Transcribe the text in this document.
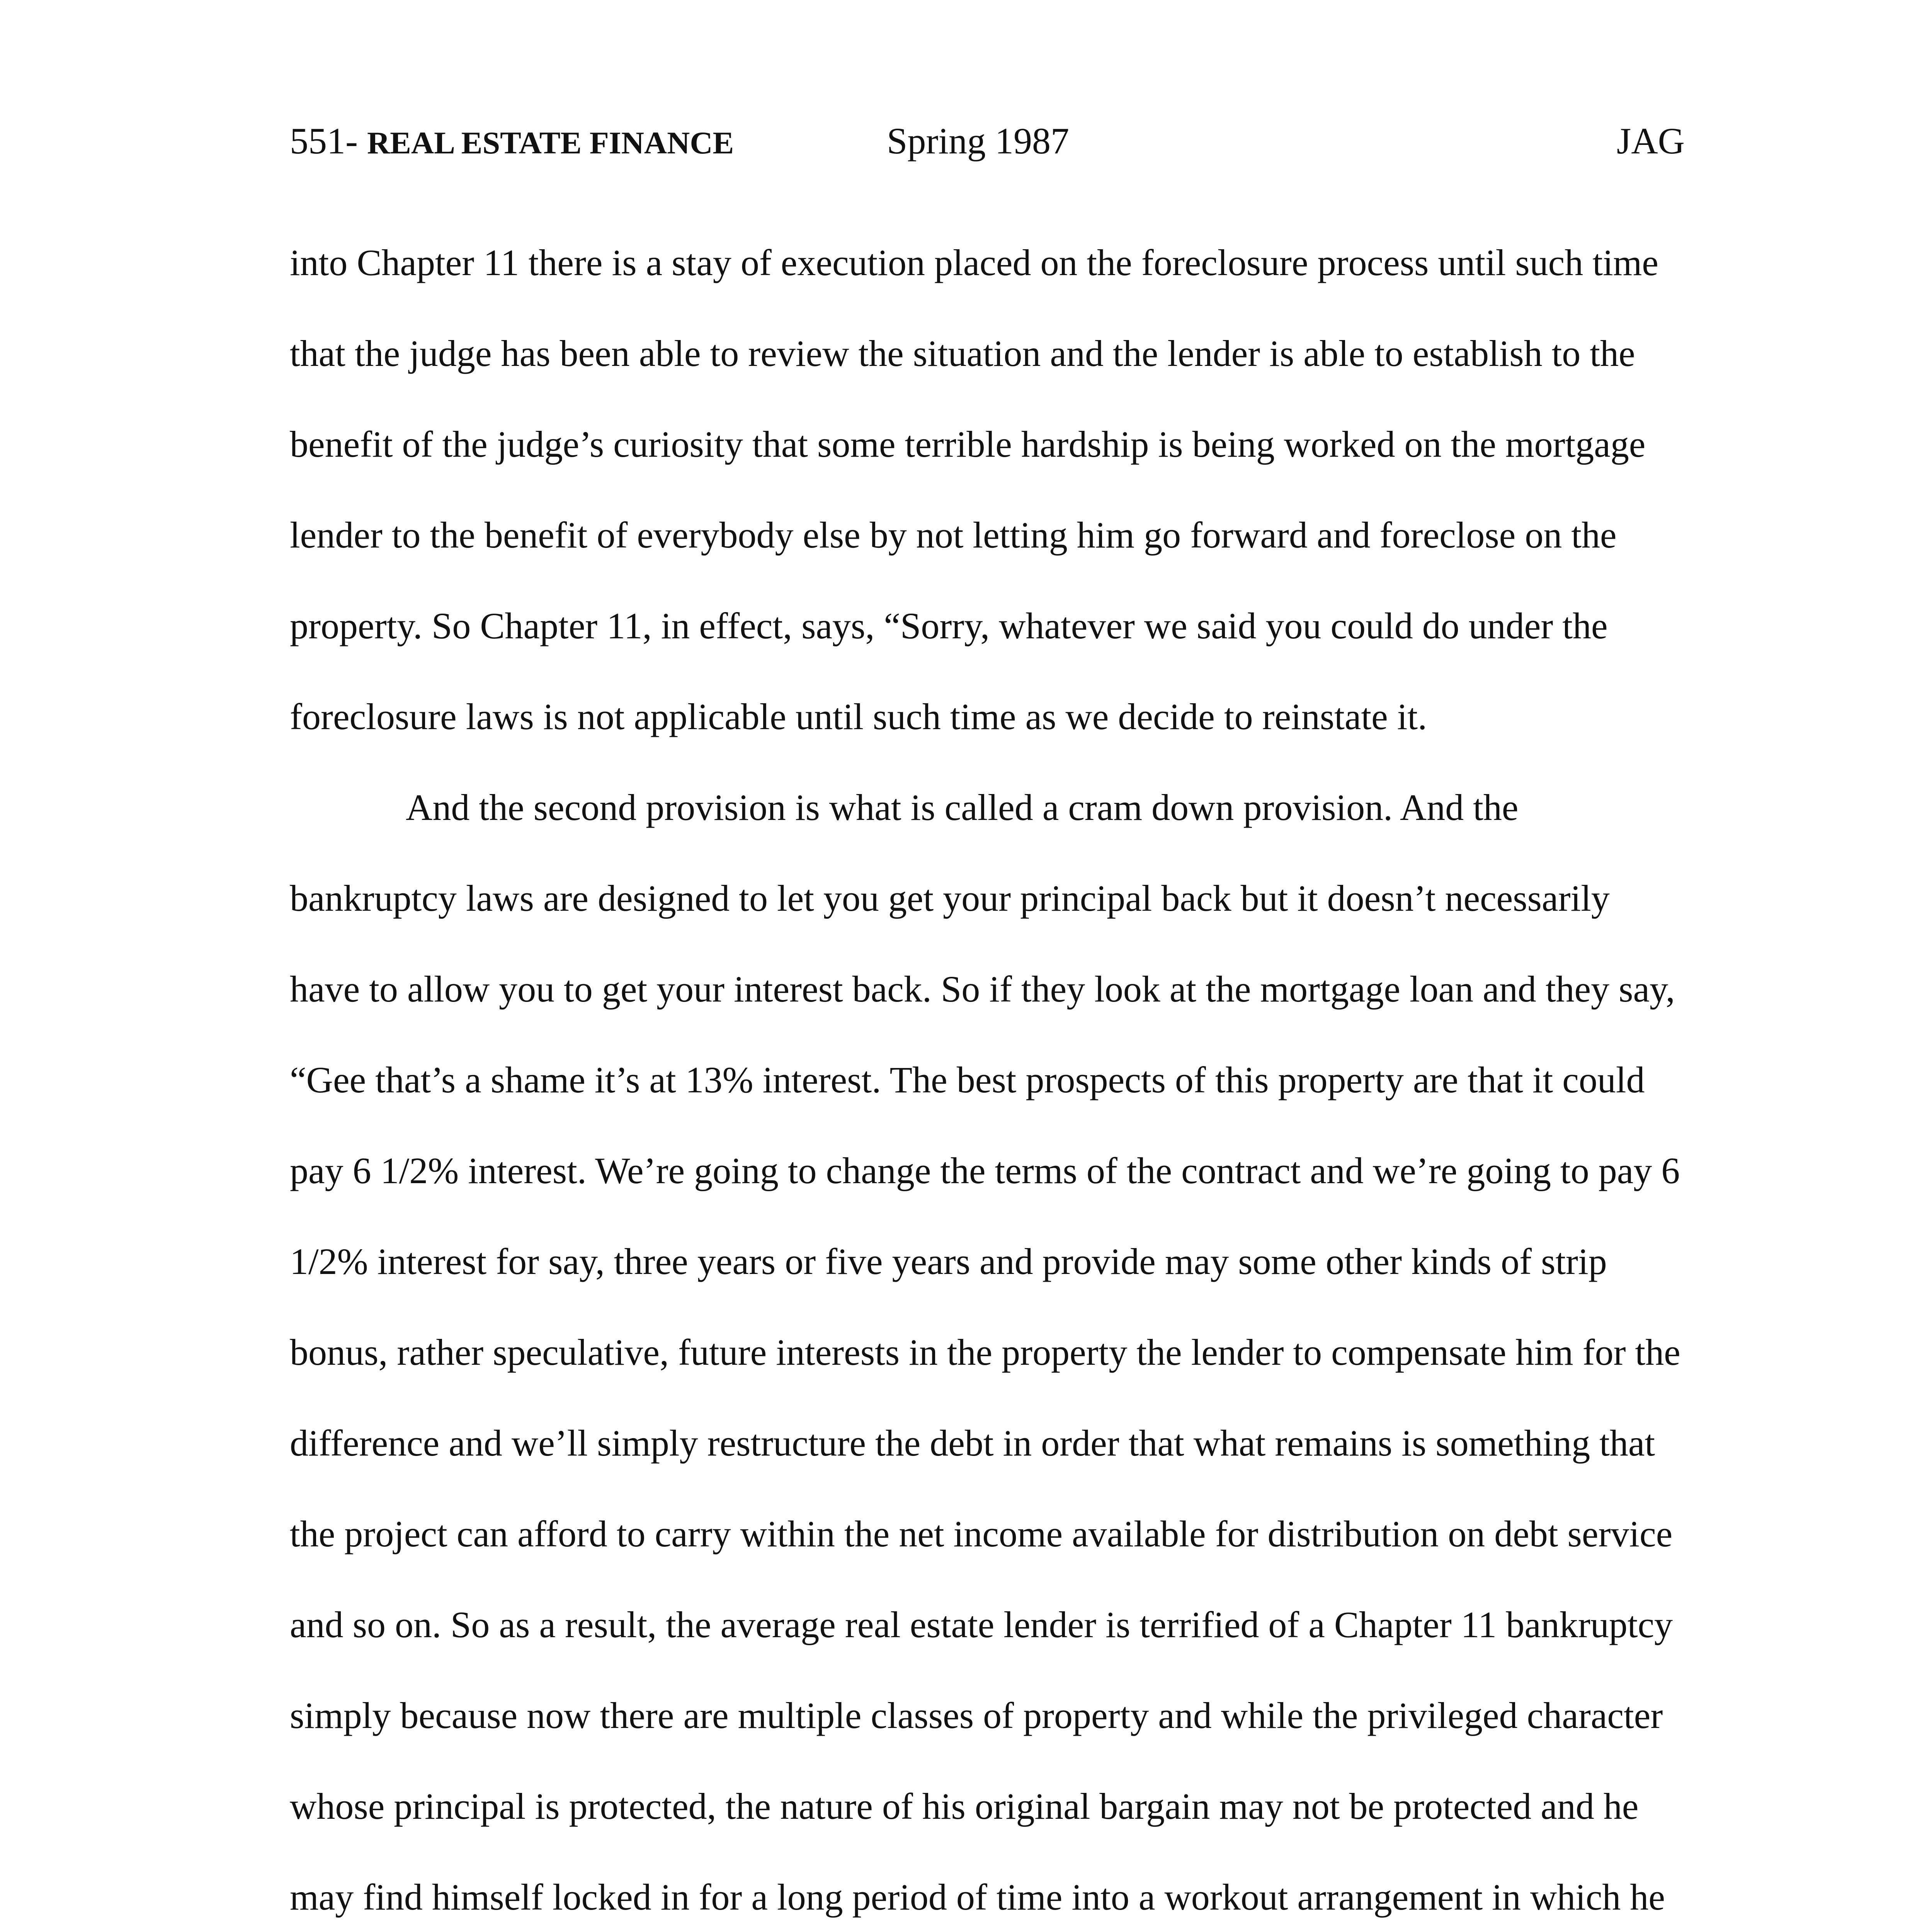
551- REAL ESTATE FINANCE	Spring 1987	JAG

into Chapter 11 there is a stay of execution placed on the foreclosure process until such time that the judge has been able to review the situation and the lender is able to establish to the benefit of the judge’s curiosity that some terrible hardship is being worked on the mortgage lender to the benefit of everybody else by not letting him go forward and foreclose on the property. So Chapter 11, in effect, says, “Sorry, whatever we said you could do under the foreclosure laws is not applicable until such time as we decide to reinstate it.

And the second provision is what is called a cram down provision. And the bankruptcy laws are designed to let you get your principal back but it doesn’t necessarily have to allow you to get your interest back. So if they look at the mortgage loan and they say, “Gee that’s a shame it’s at 13% interest. The best prospects of this property are that it could pay 6 1/2% interest. We’re going to change the terms of the contract and we’re going to pay 6 1/2% interest for say, three years or five years and provide may some other kinds of strip bonus, rather speculative, future interests in the property the lender to compensate him for the difference and we’ll simply restructure the debt in order that what remains is something that the project can afford to carry within the net income available for distribution on debt service and so on. So as a result, the average real estate lender is terrified of a Chapter 11 bankruptcy simply because now there are multiple classes of property and while the privileged character whose principal is protected, the nature of his original bargain may not be protected and he may find himself locked in for a long period of time into a workout arrangement in which he
